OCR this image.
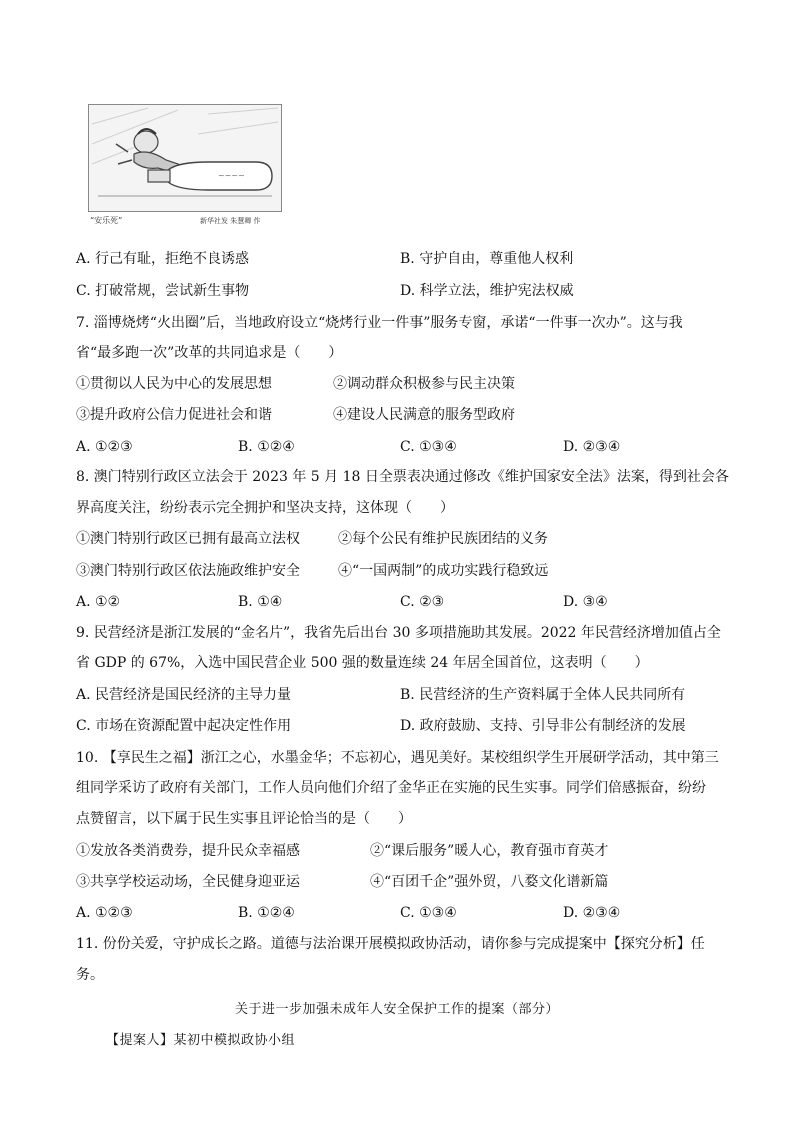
~~~~
“安乐死”	新华社发 朱慧卿 作
A. 行己有耻，拒绝不良诱惑	B. 守护自由，尊重他人权利
C. 打破常规，尝试新生事物	D. 科学立法，维护宪法权威
7. 淄博烧烤“火出圈”后，当地政府设立“烧烤行业一件事”服务专窗，承诺“一件事一次办”。这与我
省“最多跑一次”改革的共同追求是（　　）
①贯彻以人民为中心的发展思想	②调动群众积极参与民主决策
③提升政府公信力促进社会和谐	④建设人民满意的服务型政府
A. ①②③	B. ①②④	C. ①③④	D. ②③④
8. 澳门特别行政区立法会于 2023 年 5 月 18 日全票表决通过修改《维护国家安全法》法案，得到社会各
界高度关注，纷纷表示完全拥护和坚决支持，这体现（　　）
①澳门特别行政区已拥有最高立法权	②每个公民有维护民族团结的义务
③澳门特别行政区依法施政维护安全	④“一国两制”的成功实践行稳致远
A. ①②	B. ①④	C. ②③	D. ③④
9. 民营经济是浙江发展的“金名片”，我省先后出台 30 多项措施助其发展。2022 年民营经济增加值占全
省 GDP 的 67%，入选中国民营企业 500 强的数量连续 24 年居全国首位，这表明（　　）
A. 民营经济是国民经济的主导力量	B. 民营经济的生产资料属于全体人民共同所有
C. 市场在资源配置中起决定性作用	D. 政府鼓励、支持、引导非公有制经济的发展
10. 【享民生之福】浙江之心，水墨金华；不忘初心，遇见美好。某校组织学生开展研学活动，其中第三
组同学采访了政府有关部门，工作人员向他们介绍了金华正在实施的民生实事。同学们倍感振奋，纷纷
点赞留言，以下属于民生实事且评论恰当的是（　　）
①发放各类消费券，提升民众幸福感	②“课后服务”暖人心，教育强市育英才
③共享学校运动场，全民健身迎亚运	④“百团千企”强外贸，八婺文化谱新篇
A. ①②③	B. ①②④	C. ①③④	D. ②③④
11. 份份关爱，守护成长之路。道德与法治课开展模拟政协活动，请你参与完成提案中【探究分析】任
务。
关于进一步加强未成年人安全保护工作的提案（部分）
【提案人】某初中模拟政协小组
